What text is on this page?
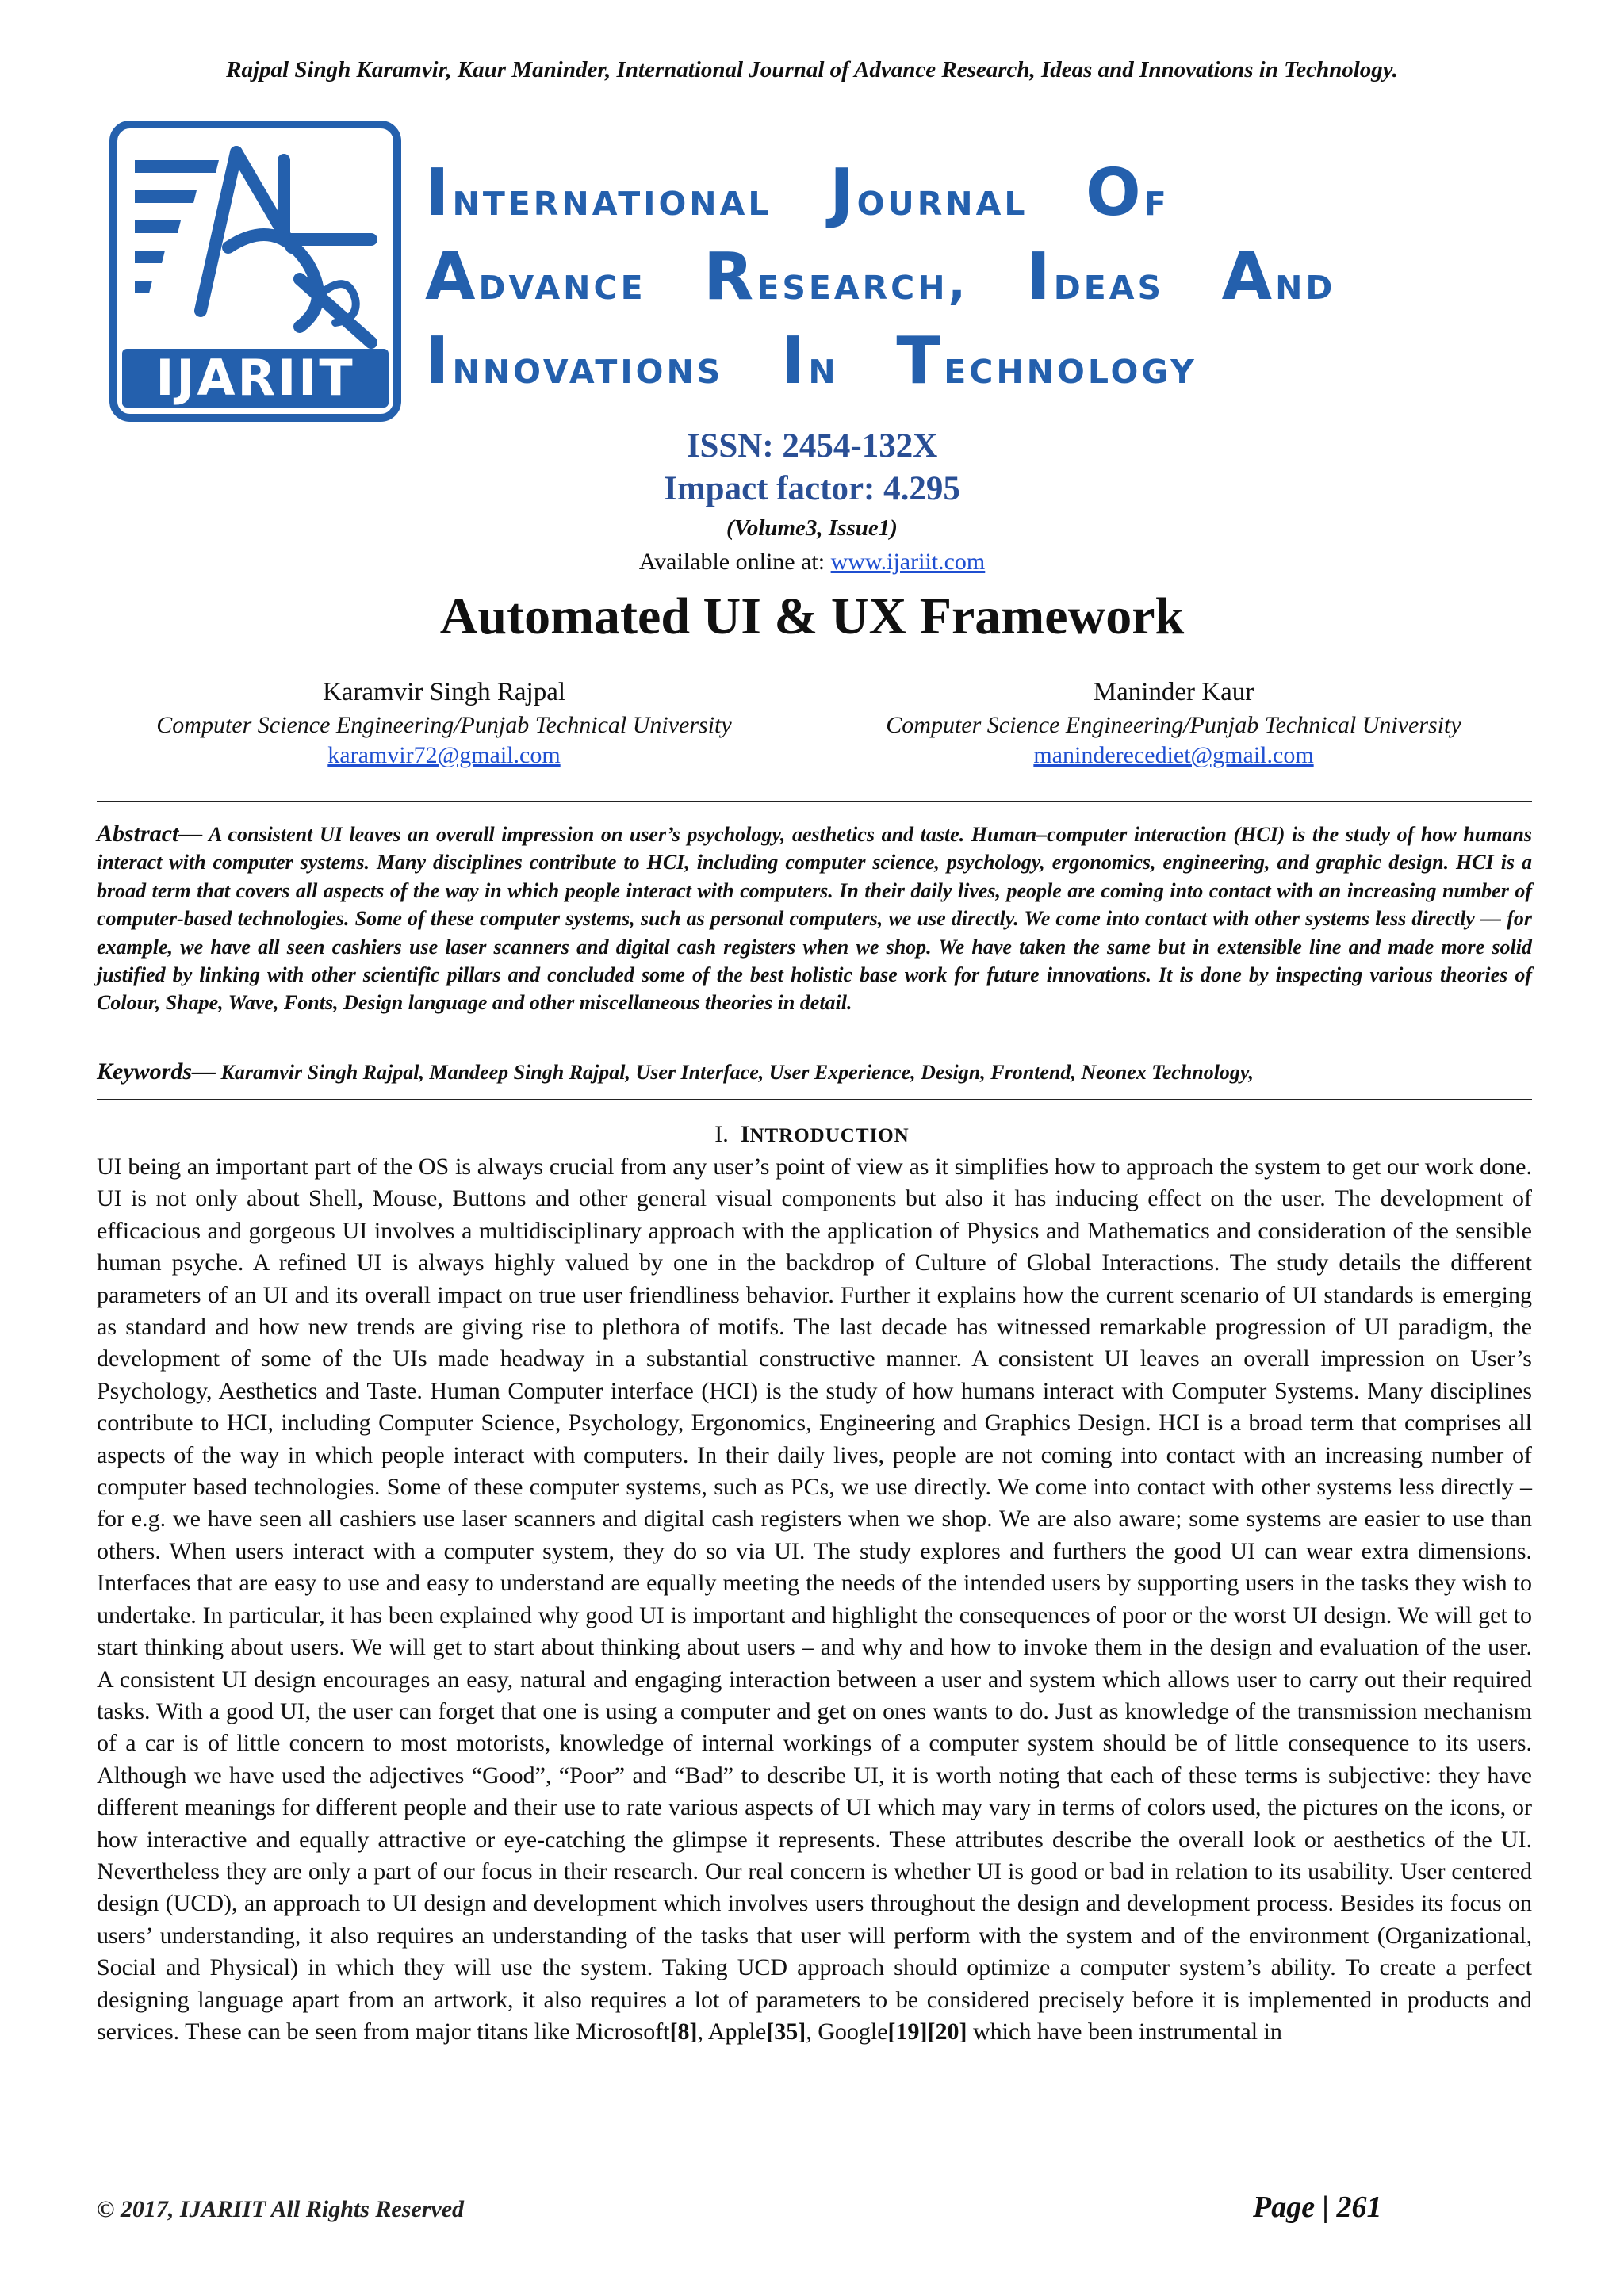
Rajpal Singh Karamvir, Kaur Maninder, International Journal of Advance Research, Ideas and Innovations in Technology.
IJARIIT
International Journal Of
Advance Research, Ideas And
Innovations In Technology
ISSN: 2454-132X
Impact factor: 4.295
(Volume3, Issue1)
Available online at: www.ijariit.com
Automated UI & UX Framework
Karamvir Singh Rajpal
Computer Science Engineering/Punjab Technical University
karamvir72@gmail.com
Maninder Kaur
Computer Science Engineering/Punjab Technical University
maninderecediet@gmail.com
Abstract— A consistent UI leaves an overall impression on user’s psychology, aesthetics and taste. Human–computer interaction (HCI) is the study of how humans interact with computer systems. Many disciplines contribute to HCI, including computer science, psychology, ergonomics, engineering, and graphic design. HCI is a broad term that covers all aspects of the way in which people interact with computers. In their daily lives, people are coming into contact with an increasing number of computer-based technologies. Some of these computer systems, such as personal computers, we use directly. We come into contact with other systems less directly — for example, we have all seen cashiers use laser scanners and digital cash registers when we shop. We have taken the same but in extensible line and made more solid justified by linking with other scientific pillars and concluded some of the best holistic base work for future innovations. It is done by inspecting various theories of Colour, Shape, Wave, Fonts, Design language and other miscellaneous theories in detail.
Keywords— Karamvir Singh Rajpal, Mandeep Singh Rajpal, User Interface, User Experience, Design, Frontend, Neonex Technology,
I. INTRODUCTION
UI being an important part of the OS is always crucial from any user’s point of view as it simplifies how to approach the system to get our work done. UI is not only about Shell, Mouse, Buttons and other general visual components but also it has inducing effect on the user. The development of efficacious and gorgeous UI involves a multidisciplinary approach with the application of Physics and Mathematics and consideration of the sensible human psyche. A refined UI is always highly valued by one in the backdrop of Culture of Global Interactions. The study details the different parameters of an UI and its overall impact on true user friendliness behavior. Further it explains how the current scenario of UI standards is emerging as standard and how new trends are giving rise to plethora of motifs. The last decade has witnessed remarkable progression of UI paradigm, the development of some of the UIs made headway in a substantial constructive manner. A consistent UI leaves an overall impression on User’s Psychology, Aesthetics and Taste. Human Computer interface (HCI) is the study of how humans interact with Computer Systems. Many disciplines contribute to HCI, including Computer Science, Psychology, Ergonomics, Engineering and Graphics Design. HCI is a broad term that comprises all aspects of the way in which people interact with computers. In their daily lives, people are not coming into contact with an increasing number of computer based technologies. Some of these computer systems, such as PCs, we use directly. We come into contact with other systems less directly – for e.g. we have seen all cashiers use laser scanners and digital cash registers when we shop. We are also aware; some systems are easier to use than others. When users interact with a computer system, they do so via UI. The study explores and furthers the good UI can wear extra dimensions. Interfaces that are easy to use and easy to understand are equally meeting the needs of the intended users by supporting users in the tasks they wish to undertake. In particular, it has been explained why good UI is important and highlight the consequences of poor or the worst UI design. We will get to start thinking about users. We will get to start about thinking about users – and why and how to invoke them in the design and evaluation of the user. A consistent UI design encourages an easy, natural and engaging interaction between a user and system which allows user to carry out their required tasks. With a good UI, the user can forget that one is using a computer and get on ones wants to do. Just as knowledge of the transmission mechanism of a car is of little concern to most motorists, knowledge of internal workings of a computer system should be of little consequence to its users. Although we have used the adjectives “Good”, “Poor” and “Bad” to describe UI, it is worth noting that each of these terms is subjective: they have different meanings for different people and their use to rate various aspects of UI which may vary in terms of colors used, the pictures on the icons, or how interactive and equally attractive or eye-catching the glimpse it represents. These attributes describe the overall look or aesthetics of the UI. Nevertheless they are only a part of our focus in their research. Our real concern is whether UI is good or bad in relation to its usability. User centered design (UCD), an approach to UI design and development which involves users throughout the design and development process. Besides its focus on users’ understanding, it also requires an understanding of the tasks that user will perform with the system and of the environment (Organizational, Social and Physical) in which they will use the system. Taking UCD approach should optimize a computer system’s ability. To create a perfect designing language apart from an artwork, it also requires a lot of parameters to be considered precisely before it is implemented in products and services. These can be seen from major titans like Microsoft[8], Apple[35], Google[19][20] which have been instrumental in
© 2017, IJARIIT All Rights Reserved	Page | 261
